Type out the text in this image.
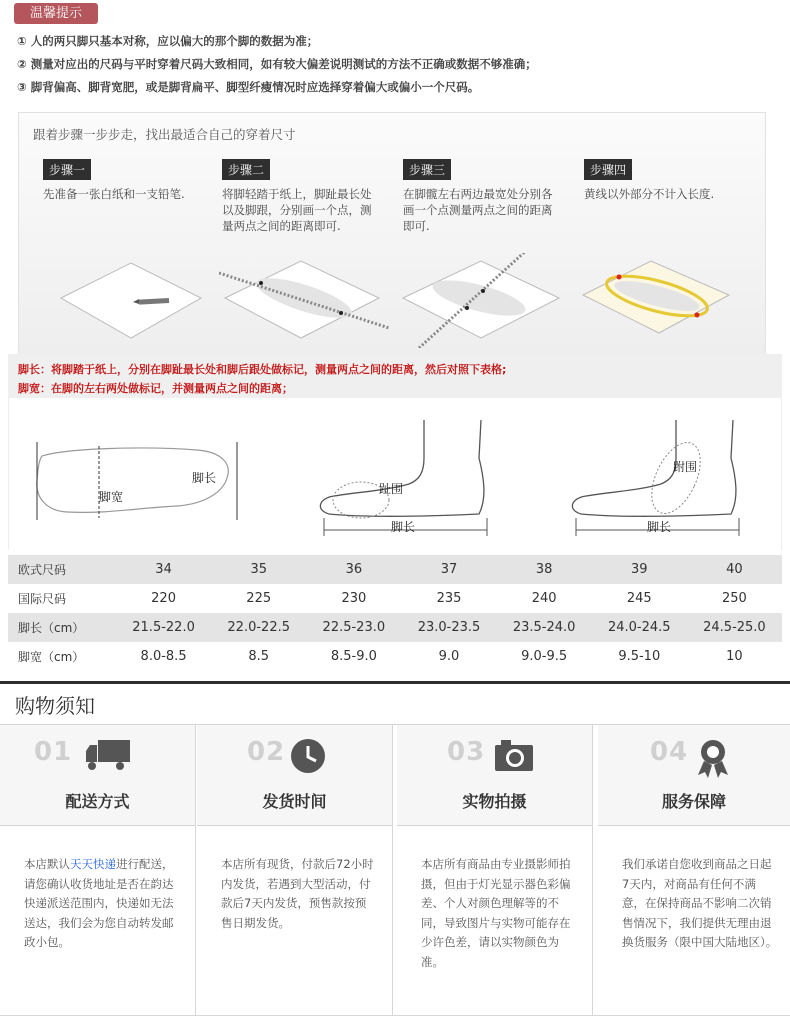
温馨提示
① 人的两只脚只基本对称，应以偏大的那个脚的数据为准；
② 测量对应出的尺码与平时穿着尺码大致相同，如有较大偏差说明测试的方法不正确或数据不够准确；
③ 脚背偏高、脚背宽肥，或是脚背扁平、脚型纤瘦情况时应选择穿着偏大或偏小一个尺码。
跟着步骤一步步走，找出最适合自己的穿着尺寸
步骤一
先准备一张白纸和一支铅笔.
步骤二
将脚轻踏于纸上，脚趾最长处以及脚跟，分别画一个点，测量两点之间的距离即可.
步骤三
在脚髋左右两边最宽处分别各画一个点测量两点之间的距离即可.
步骤四
黄线以外部分不计入长度.
脚长：将脚踏于纸上，分别在脚趾最长处和脚后跟处做标记，测量两点之间的距离，然后对照下表格;
脚宽：在脚的左右两处做标记，并测量两点之间的距离；
脚长
脚宽
趾围
脚长
跗围
脚长
欧式尺码	34	35	36	37	38	39	40
国际尺码	220	225	230	235	240	245	250
脚长（cm）	21.5-22.0	22.0-22.5	22.5-23.0	23.0-23.5	23.5-24.0	24.0-24.5	24.5-25.0
脚宽（cm）	8.0-8.5	8.5	8.5-9.0	9.0	9.0-9.5	9.5-10	10
购物须知
01
配送方式
本店默认天天快递进行配送，请您确认收货地址是否在韵达快递派送范围内，快递如无法送达，我们会为您自动转发邮政小包。
02
发货时间
本店所有现货，付款后72小时内发货，若遇到大型活动，付款后7天内发货，预售款按预售日期发货。
03
实物拍摄
本店所有商品由专业摄影师拍摄，但由于灯光显示器色彩偏差、个人对颜色理解等的不同，导致图片与实物可能存在少许色差，请以实物颜色为准。
04
服务保障
我们承诺自您收到商品之日起7天内，对商品有任何不满意，在保持商品不影响二次销售情况下，我们提供无理由退换货服务（限中国大陆地区）。
